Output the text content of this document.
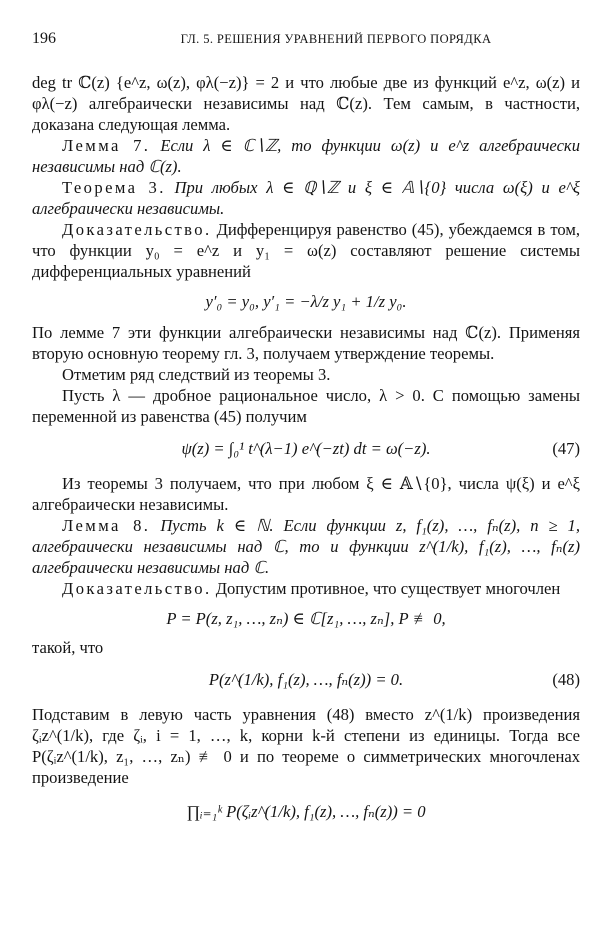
196	ГЛ. 5. РЕШЕНИЯ УРАВНЕНИЙ ПЕРВОГО ПОРЯДКА

deg tr ℂ(z) {e^z, ω(z), φλ(−z)} = 2 и что любые две из функций e^z, ω(z) и φλ(−z) алгебраически независимы над ℂ(z). Тем самым, в частности, доказана следующая лемма.

Лемма 7. Если λ ∈ ℂ∖ℤ, то функции ω(z) и e^z алгебраически независимы над ℂ(z).

Теорема 3. При любых λ ∈ ℚ∖ℤ и ξ ∈ 𝔸∖{0} числа ω(ξ) и e^ξ алгебраически независимы.

Доказательство. Дифференцируя равенство (45), убеждаемся в том, что функции y₀ = e^z и y₁ = ω(z) составляют решение системы дифференциальных уравнений

y′₀ = y₀, y′₁ = −λ/z y₁ + 1/z y₀.

По лемме 7 эти функции алгебраически независимы над ℂ(z). Применяя вторую основную теорему гл. 3, получаем утверждение теоремы.

Отметим ряд следствий из теоремы 3.

Пусть λ — дробное рациональное число, λ > 0. С помощью замены переменной из равенства (45) получим

ψ(z) = ∫₀¹ t^(λ−1) e^(−zt) dt = ω(−z).	(47)

Из теоремы 3 получаем, что при любом ξ ∈ 𝔸∖{0}, числа ψ(ξ) и e^ξ алгебраически независимы.

Лемма 8. Пусть k ∈ ℕ. Если функции z, f₁(z), …, fₙ(z), n ≥ 1, алгебраически независимы над ℂ, то и функции z^(1/k), f₁(z), …, fₙ(z) алгебраически независимы над ℂ.

Доказательство. Допустим противное, что существует многочлен

P = P(z, z₁, …, zₙ) ∈ ℂ[z₁, …, zₙ], P ≢ 0,

такой, что

P(z^(1/k), f₁(z), …, fₙ(z)) = 0.	(48)

Подставим в левую часть уравнения (48) вместо z^(1/k) произведения ζᵢz^(1/k), где ζᵢ, i = 1, …, k, корни k-й степени из единицы. Тогда все P(ζᵢz^(1/k), z₁, …, zₙ) ≢ 0 и по теореме о симметрических многочленах произведение

∏ᵢ₌₁ᵏ P(ζᵢz^(1/k), f₁(z), …, fₙ(z)) = 0
